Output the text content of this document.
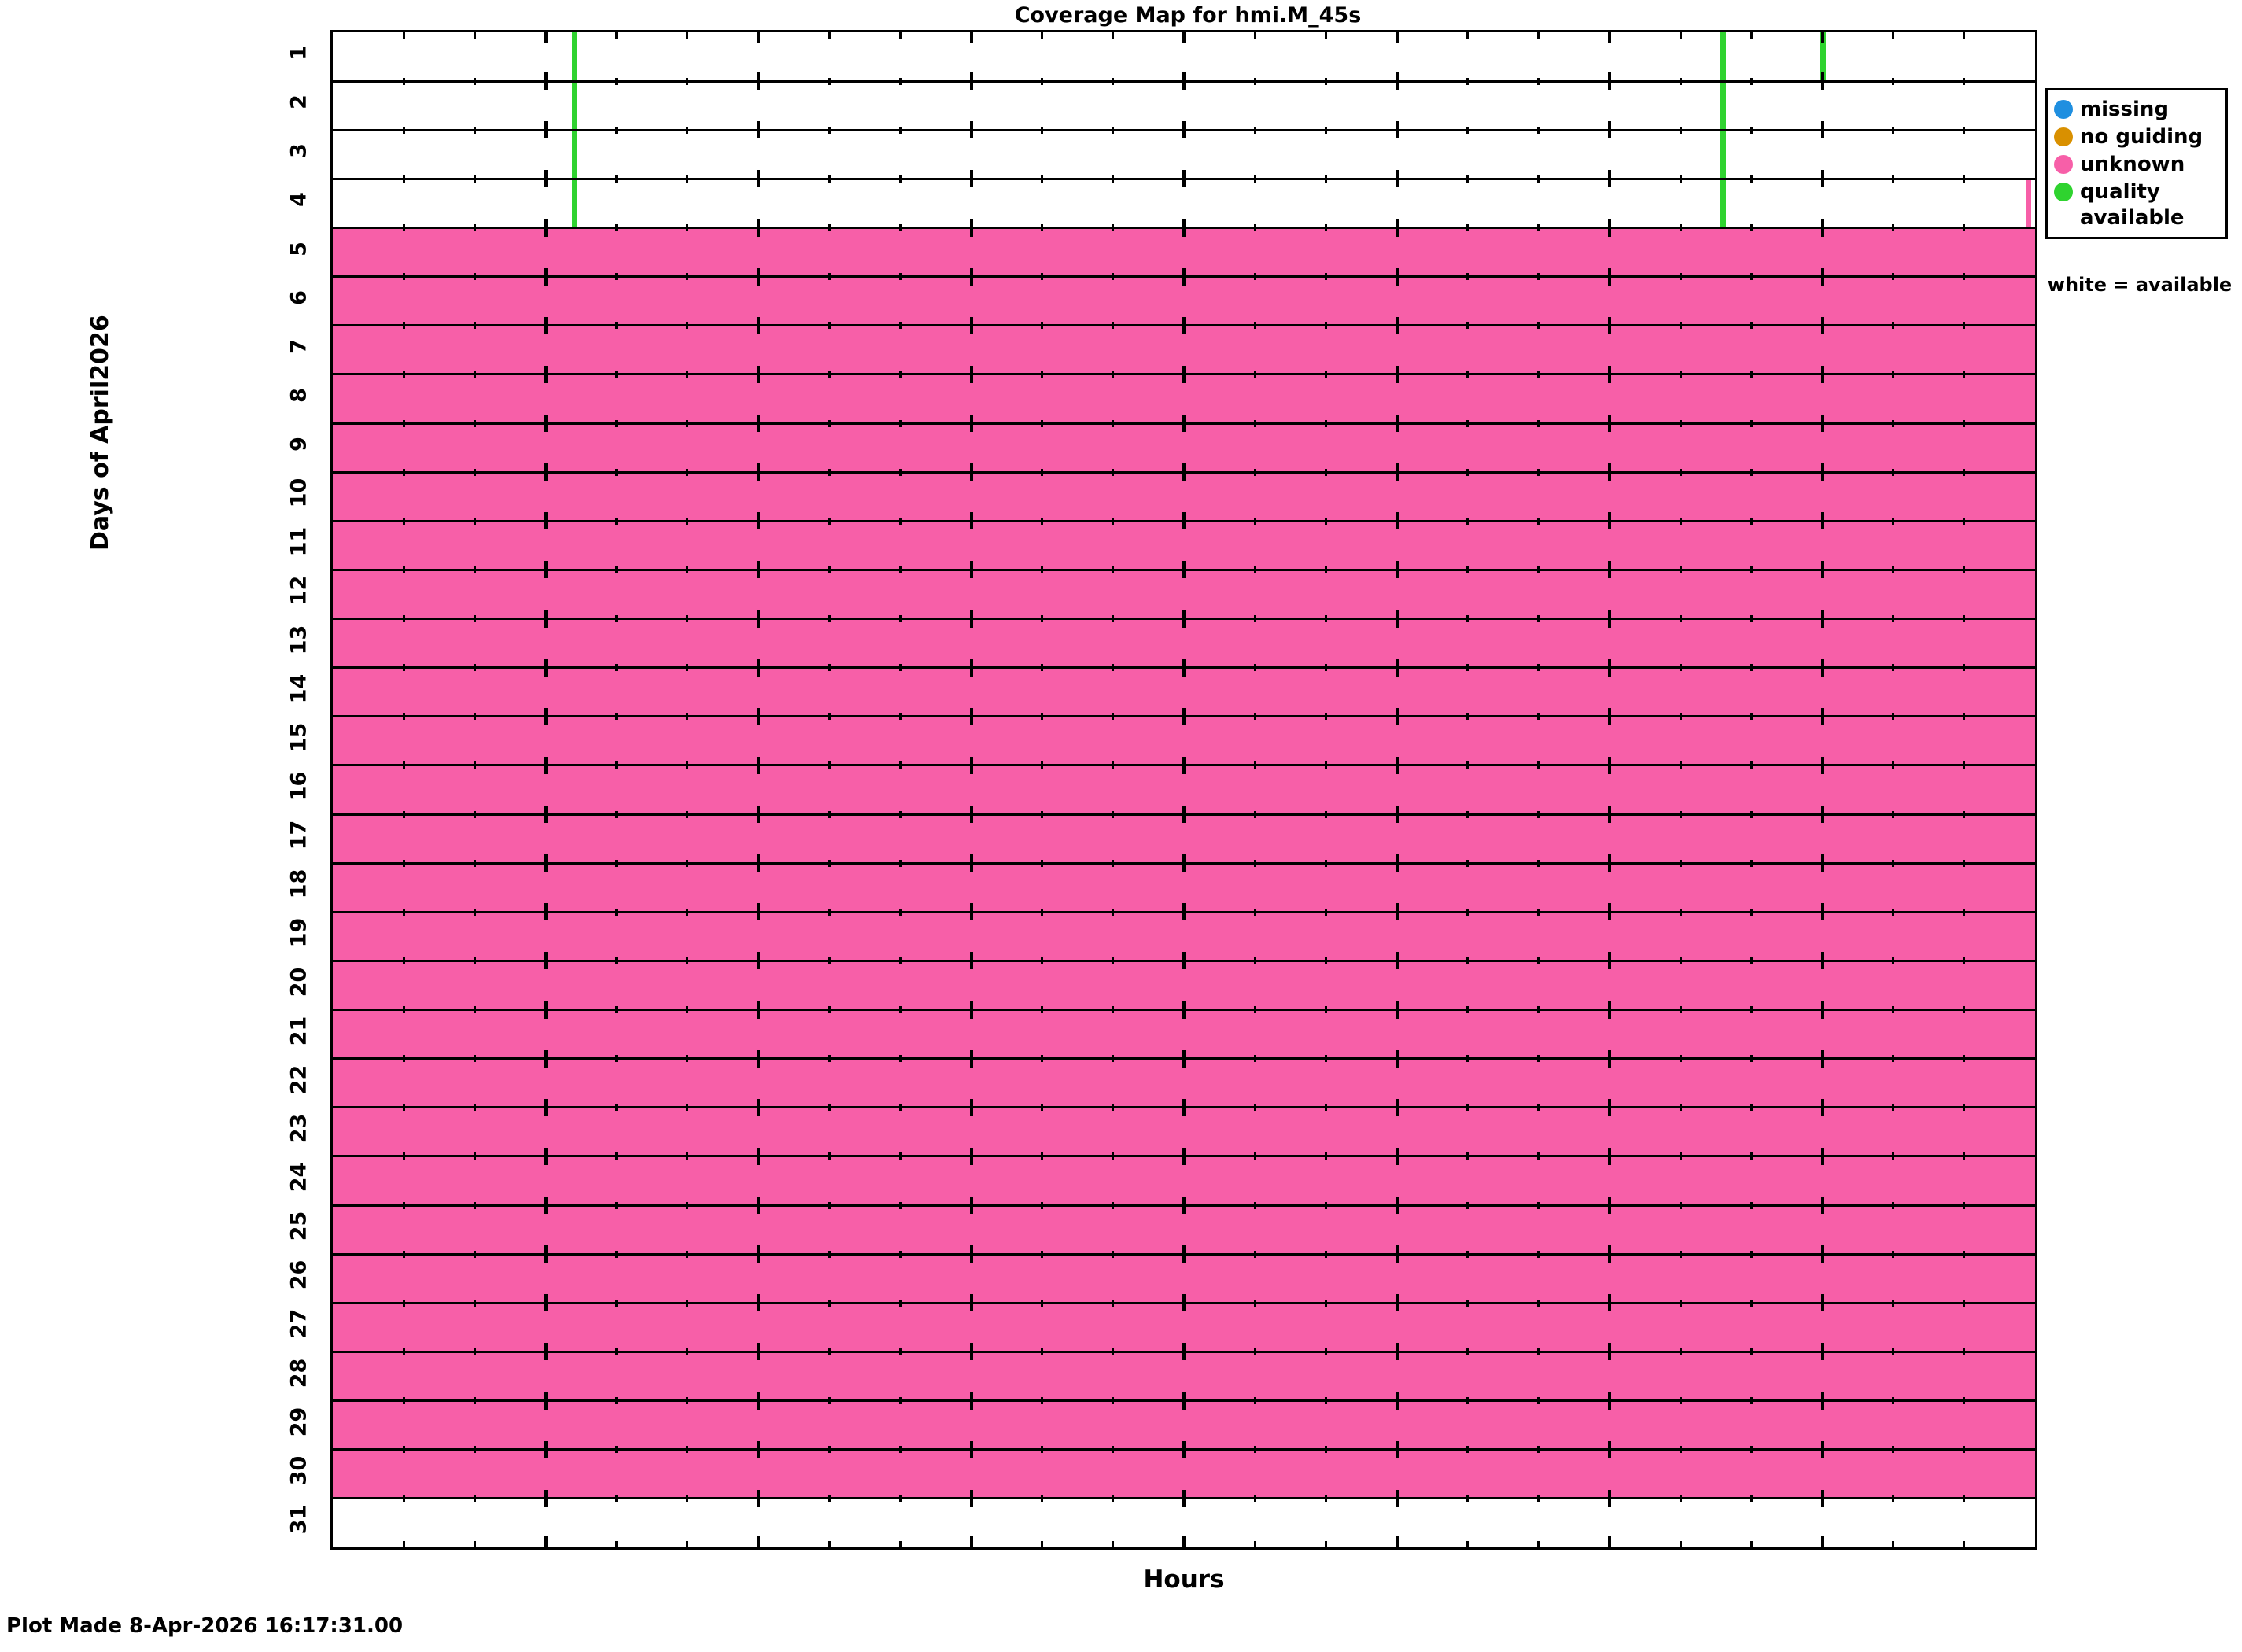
Coverage Map for hmi.M_45s
1
2
3
4
5
6
7
8
9
10
11
12
13
14
15
16
17
18
19
20
21
22
23
24
25
26
27
28
29
30
31
Days of April2026
Hours
missing
no guiding
unknown
quality
available
white = available
Plot Made 8-Apr-2026 16:17:31.00
